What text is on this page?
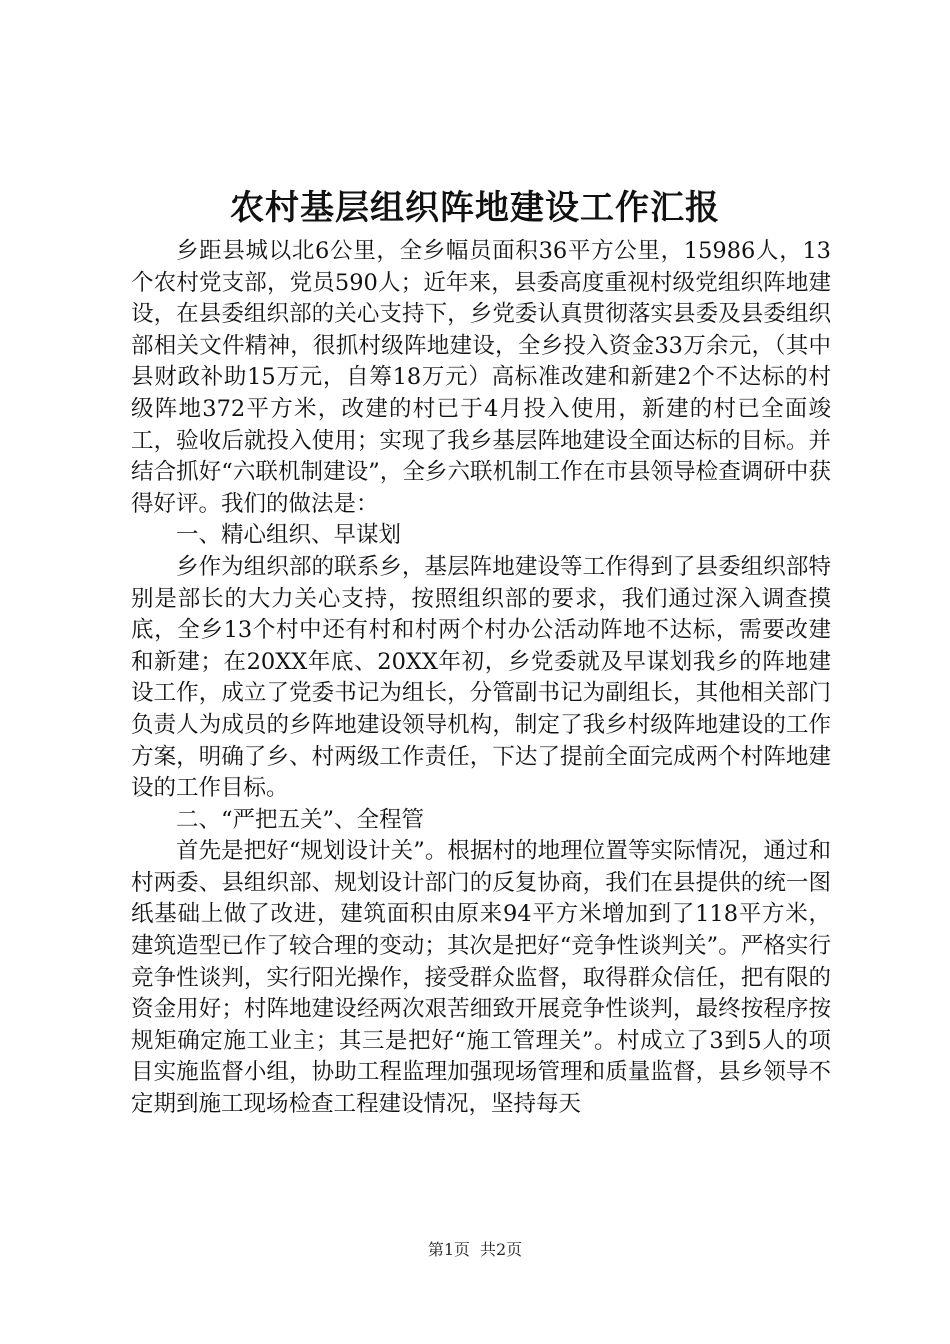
农村基层组织阵地建设工作汇报

乡距县城以北6公里，全乡幅员面积36平方公里，15986人，13个农村党支部，党员590人；近年来，县委高度重视村级党组织阵地建设，在县委组织部的关心支持下，乡党委认真贯彻落实县委及县委组织部相关文件精神，很抓村级阵地建设，全乡投入资金33万余元，（其中县财政补助15万元，自筹18万元）高标准改建和新建2个不达标的村级阵地372平方米，改建的村已于4月投入使用，新建的村已全面竣工，验收后就投入使用；实现了我乡基层阵地建设全面达标的目标。并结合抓好“六联机制建设”，全乡六联机制工作在市县领导检查调研中获得好评。我们的做法是：

一、精心组织、早谋划

乡作为组织部的联系乡，基层阵地建设等工作得到了县委组织部特别是部长的大力关心支持，按照组织部的要求，我们通过深入调查摸底，全乡13个村中还有村和村两个村办公活动阵地不达标，需要改建和新建；在20XX年底、20XX年初，乡党委就及早谋划我乡的阵地建设工作，成立了党委书记为组长，分管副书记为副组长，其他相关部门负责人为成员的乡阵地建设领导机构，制定了我乡村级阵地建设的工作方案，明确了乡、村两级工作责任，下达了提前全面完成两个村阵地建设的工作目标。

二、“严把五关”、全程管

首先是把好“规划设计关”。根据村的地理位置等实际情况，通过和村两委、县组织部、规划设计部门的反复协商，我们在县提供的统一图纸基础上做了改进，建筑面积由原来94平方米增加到了118平方米，建筑造型已作了较合理的变动；其次是把好“竞争性谈判关”。严格实行竞争性谈判，实行阳光操作，接受群众监督，取得群众信任，把有限的资金用好；村阵地建设经两次艰苦细致开展竞争性谈判，最终按程序按规矩确定施工业主；其三是把好“施工管理关”。村成立了3到5人的项目实施监督小组，协助工程监理加强现场管理和质量监督，县乡领导不定期到施工现场检查工程建设情况，坚持每天

第1页 共2页
